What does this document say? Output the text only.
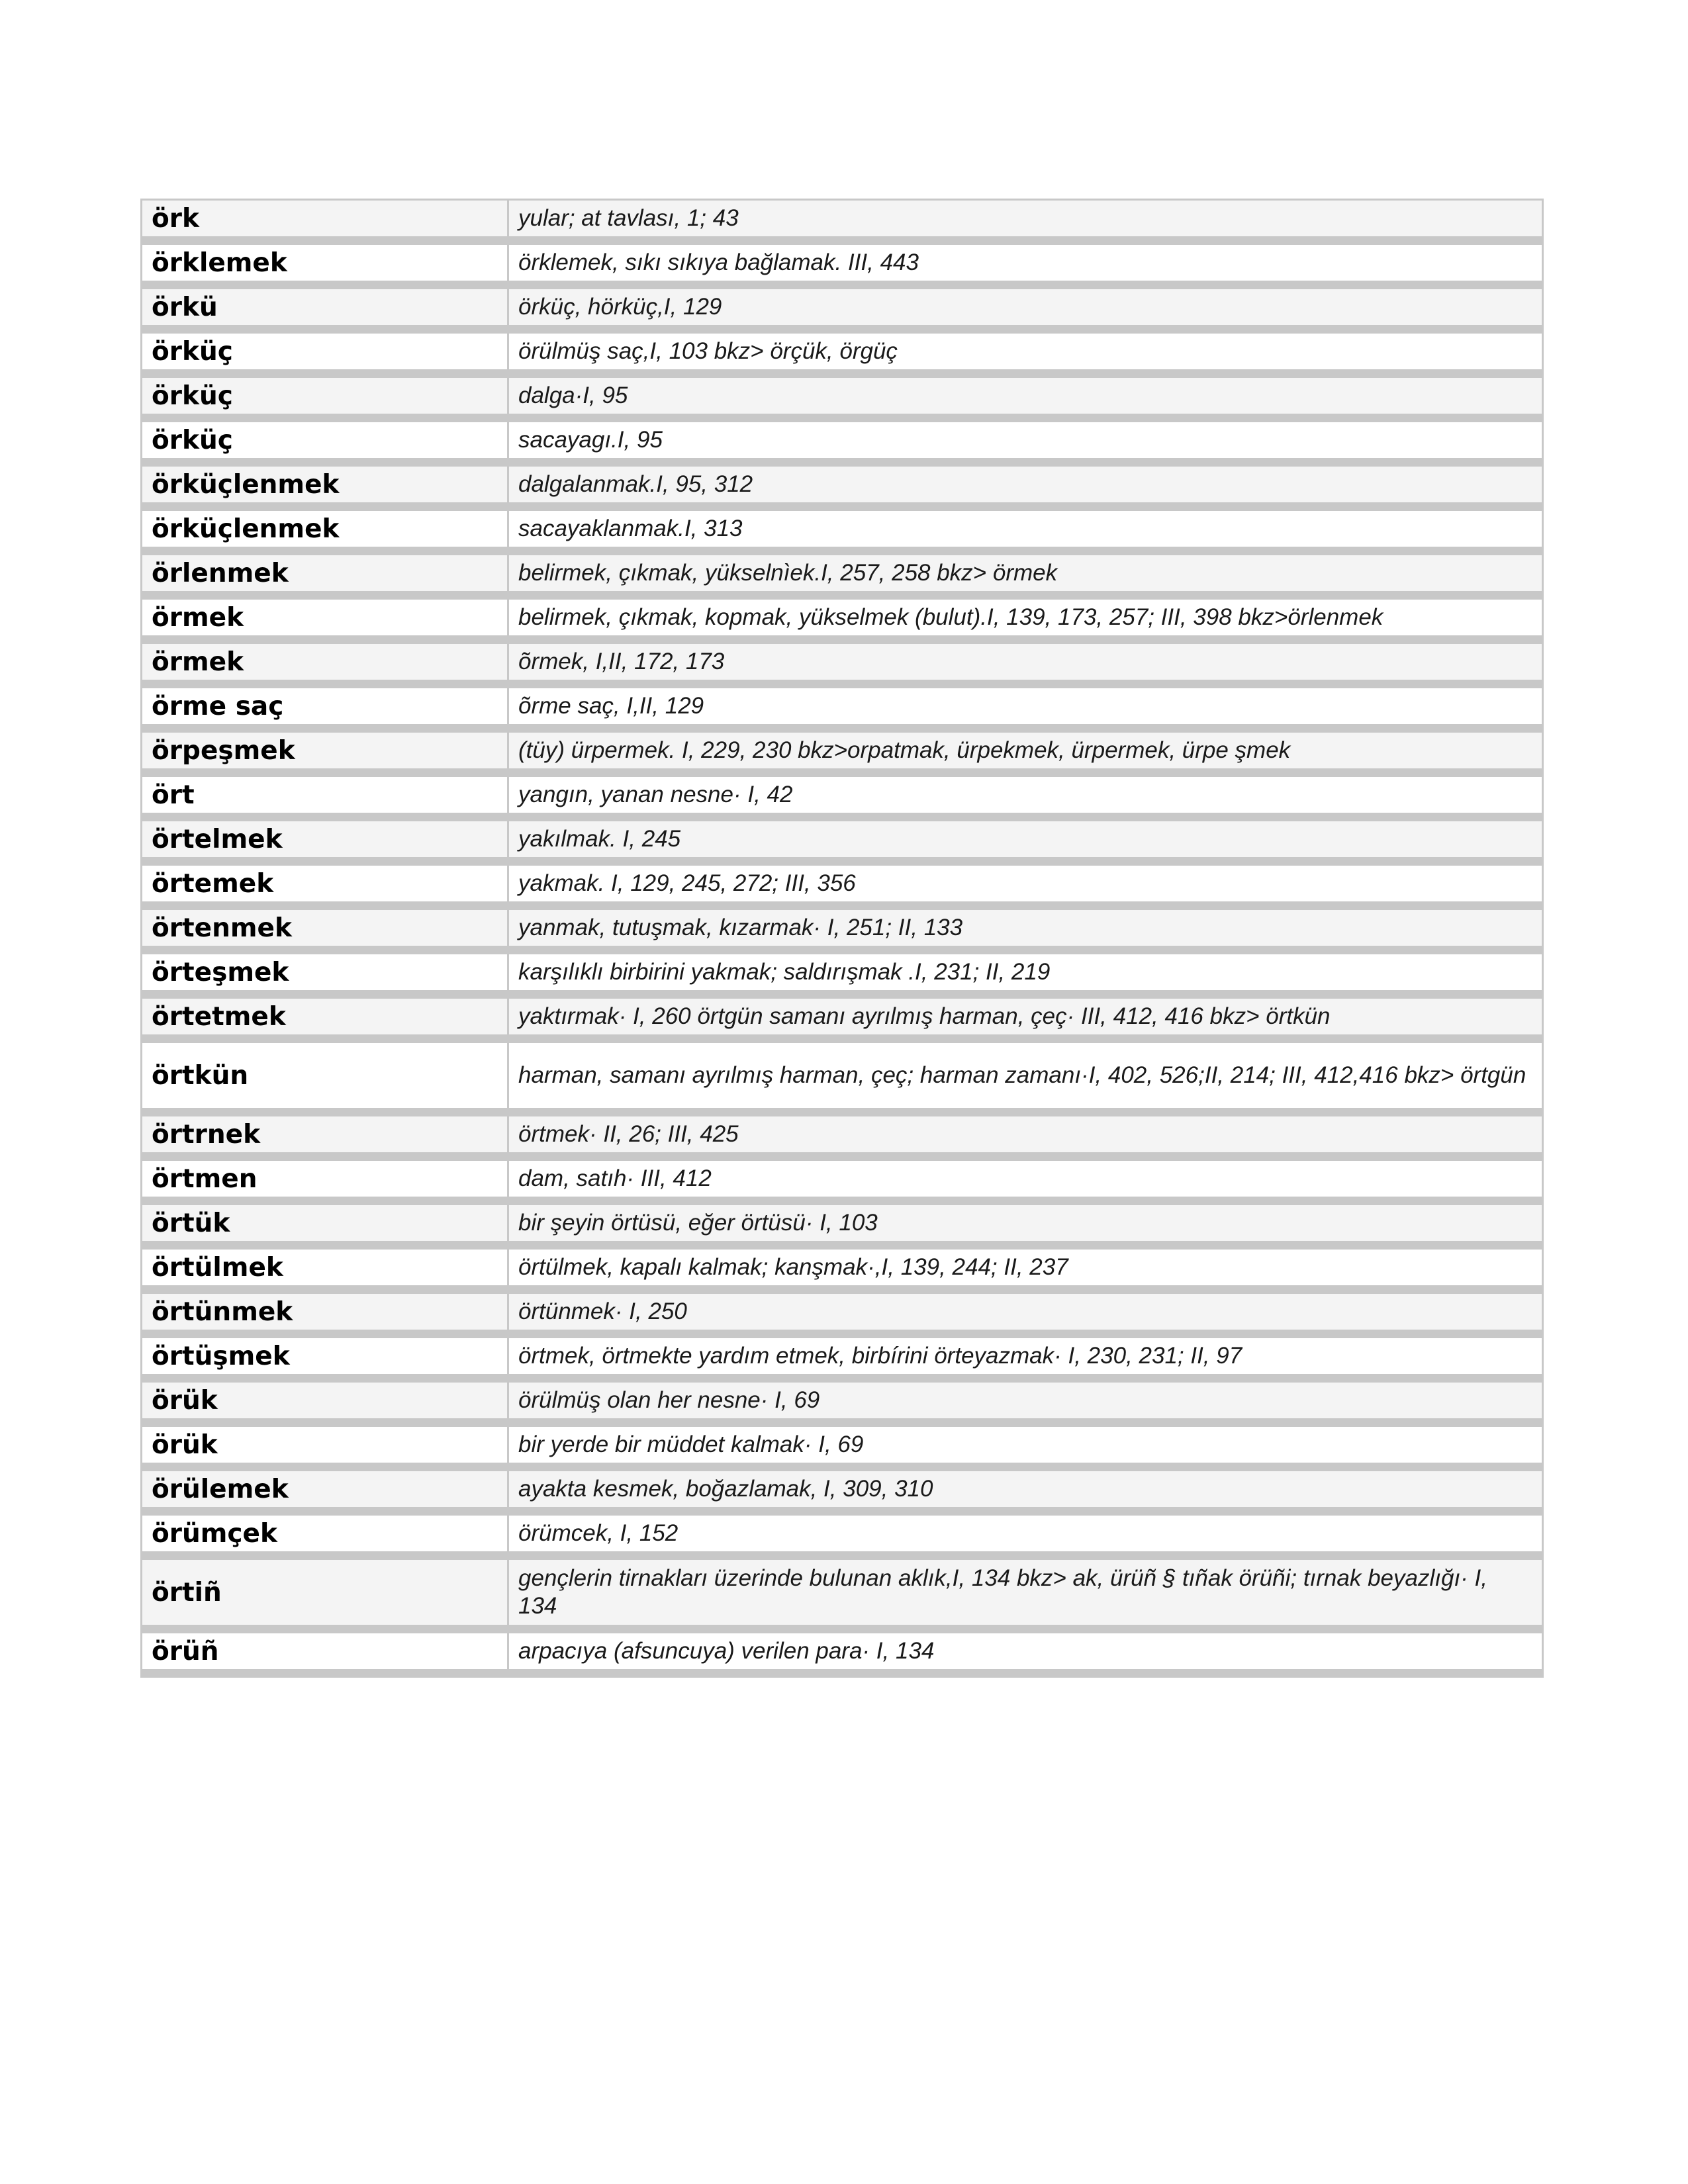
örk	yular; at tavlası, 1; 43
örklemek	örklemek, sıkı sıkıya bağlamak. III, 443
örkü	örküç, hörküç,I, 129
örküç	örülmüş saç,I, 103 bkz> örçük, örgüç
örküç	dalga·I, 95
örküç	sacayagı.I, 95
örküçlenmek	dalgalanmak.I, 95, 312
örküçlenmek	sacayaklanmak.I, 313
örlenmek	belirmek, çıkmak, yükselnìek.I, 257, 258 bkz> örmek
örmek	belirmek, çıkmak, kopmak, yükselmek (bulut).I, 139, 173, 257; III, 398 bkz>örlenmek
örmek	õrmek, I,II, 172, 173
örme saç	õrme saç, I,II, 129
örpeşmek	(tüy) ürpermek. I, 229, 230 bkz>orpatmak, ürpekmek, ürpermek, ürpe şmek
ört	yangın, yanan nesne· I, 42
örtelmek	yakılmak. I, 245
örtemek	yakmak. I, 129, 245, 272; III, 356
örtenmek	yanmak, tutuşmak, kızarmak· I, 251; II, 133
örteşmek	karşılıklı birbirini yakmak; saldırışmak .I, 231; II, 219
örtetmek	yaktırmak· I, 260 örtgün samanı ayrılmış harman, çeç· III, 412, 416 bkz> örtkün
örtkün	harman, samanı ayrılmış harman, çeç; harman zamanı·I, 402, 526;II, 214; III, 412,416 bkz> örtgün
örtrnek	örtmek· II, 26; III, 425
örtmen	dam, satıh· III, 412
örtük	bir şeyin örtüsü, eğer örtüsü· I, 103
örtülmek	örtülmek, kapalı kalmak; kanşmak·,I, 139, 244; II, 237
örtünmek	örtünmek· I, 250
örtüşmek	örtmek, örtmekte yardım etmek, birbírini örteyazmak· I, 230, 231; II, 97
örük	örülmüş olan her nesne· I, 69
örük	bir yerde bir müddet kalmak· I, 69
örülemek	ayakta kesmek, boğazlamak, I, 309, 310
örümçek	örümcek, I, 152
örtiñ	gençlerin tirnakları üzerinde bulunan aklık,I, 134 bkz> ak, ürüñ § tıñak örüñi; tırnak beyazlığı· I, 134
örüñ	arpacıya (afsuncuya) verilen para· I, 134
